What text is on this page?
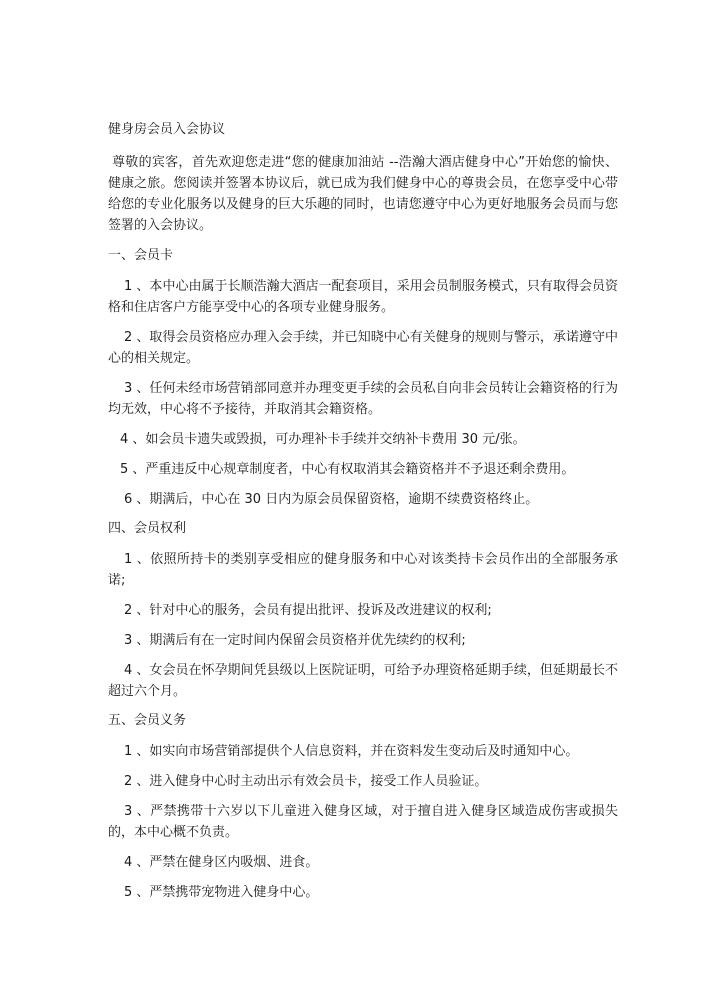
健身房会员入会协议

尊敬的宾客，首先欢迎您走进“您的健康加油站 --浩瀚大酒店健身中心”开始您的愉快、健康之旅。您阅读并签署本协议后，就已成为我们健身中心的尊贵会员，在您享受中心带给您的专业化服务以及健身的巨大乐趣的同时，也请您遵守中心为更好地服务会员而与您签署的入会协议。

一、会员卡

1 、本中心由属于长顺浩瀚大酒店一配套项目，采用会员制服务模式，只有取得会员资格和住店客户方能享受中心的各项专业健身服务。

2 、取得会员资格应办理入会手续，并已知晓中心有关健身的规则与警示，承诺遵守中心的相关规定。

3 、任何未经市场营销部同意并办理变更手续的会员私自向非会员转让会籍资格的行为均无效，中心将不予接待，并取消其会籍资格。

4 、如会员卡遗失或毁损，可办理补卡手续并交纳补卡费用 30 元/张。

5 、严重违反中心规章制度者，中心有权取消其会籍资格并不予退还剩余费用。

6 、期满后，中心在 30 日内为原会员保留资格，逾期不续费资格终止。

四、会员权利

1 、依照所持卡的类别享受相应的健身服务和中心对该类持卡会员作出的全部服务承诺;

2 、针对中心的服务，会员有提出批评、投诉及改进建议的权利;

3 、期满后有在一定时间内保留会员资格并优先续约的权利;

4 、女会员在怀孕期间凭县级以上医院证明，可给予办理资格延期手续，但延期最长不超过六个月。

五、会员义务

1 、如实向市场营销部提供个人信息资料，并在资料发生变动后及时通知中心。

2 、进入健身中心时主动出示有效会员卡，接受工作人员验证。

3 、严禁携带十六岁以下儿童进入健身区域，对于擅自进入健身区域造成伤害或损失的，本中心概不负责。

4 、严禁在健身区内吸烟、进食。

5 、严禁携带宠物进入健身中心。
